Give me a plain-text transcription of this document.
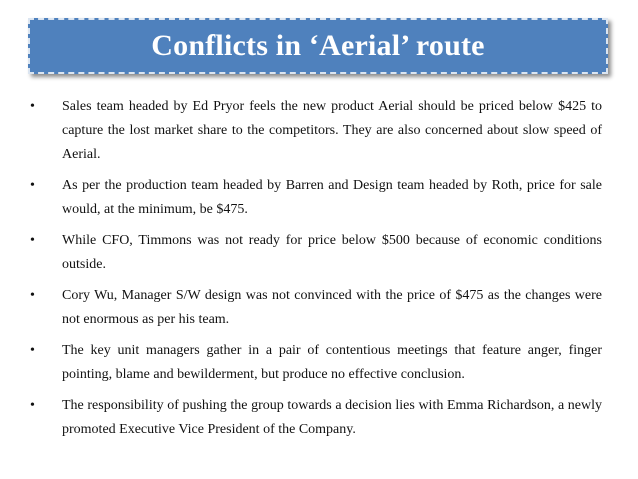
Conflicts in ‘Aerial’ route
•	Sales team headed by Ed Pryor feels the new product Aerial should be priced below $425 to capture the lost market share to the competitors. They are also concerned about slow speed of Aerial.
•	As per the production team headed by Barren and Design team headed by Roth, price for sale would, at the minimum, be $475.
•	While CFO, Timmons was not ready for price below $500 because of economic conditions outside.
•	Cory Wu, Manager S/W design was not convinced with the price of $475 as the changes were not enormous as per his team.
•	The key unit managers gather in a pair of contentious meetings that feature anger, finger pointing, blame and bewilderment, but produce no effective conclusion.
•	The responsibility of pushing the group towards a decision lies with Emma Richardson, a newly promoted Executive Vice President of the Company.
